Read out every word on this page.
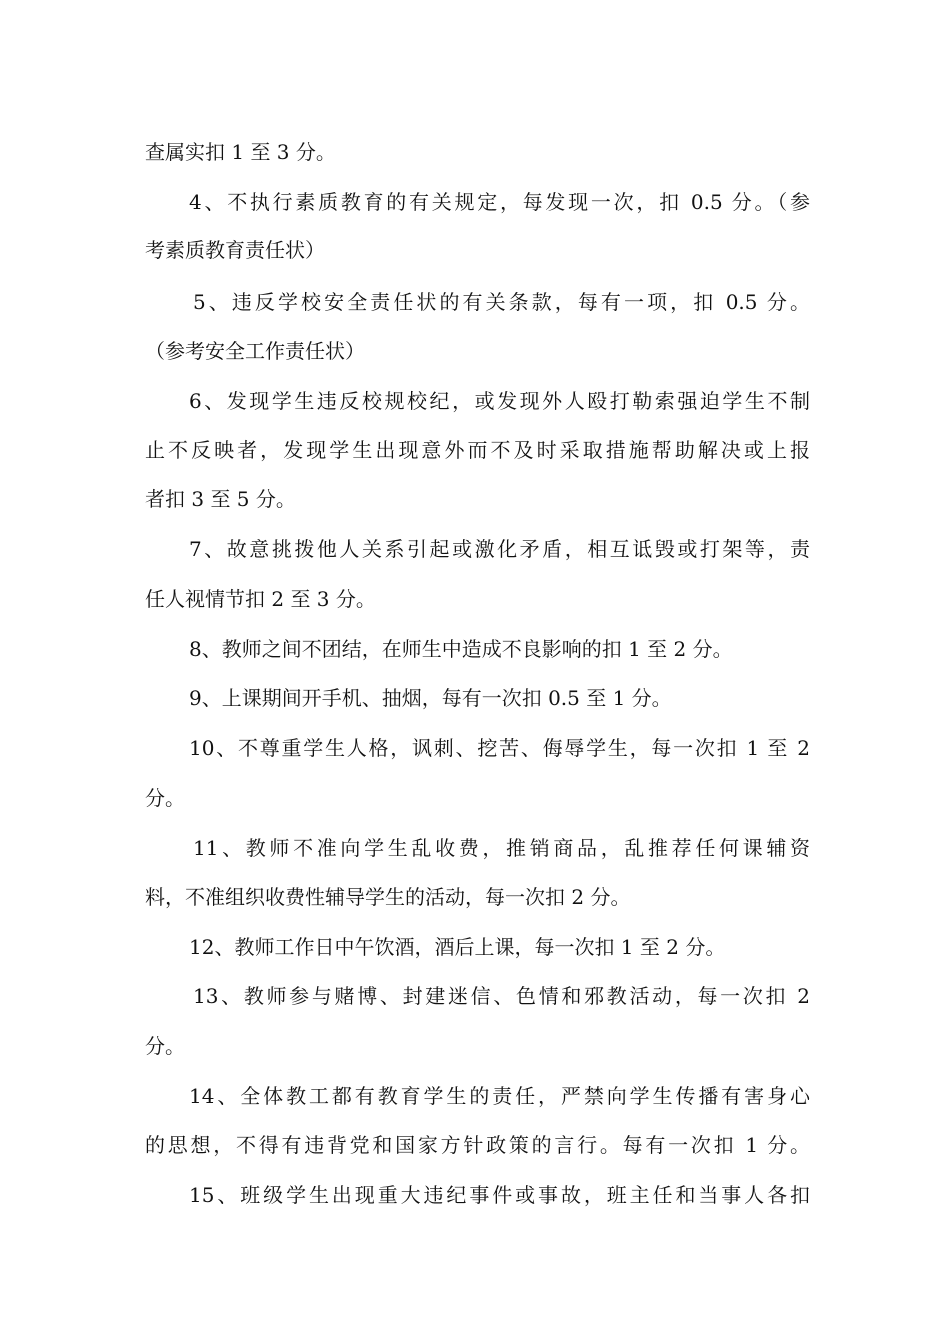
查属实扣 1 至 3 分。
4、不执行素质教育的有关规定，每发现一次，扣 0.5 分。（参
考素质教育责任状）
5、违反学校安全责任状的有关条款，每有一项，扣 0.5 分。
（参考安全工作责任状）
6、发现学生违反校规校纪，或发现外人殴打勒索强迫学生不制
止不反映者，发现学生出现意外而不及时采取措施帮助解决或上报
者扣 3 至 5 分。
7、故意挑拨他人关系引起或激化矛盾，相互诋毁或打架等，责
任人视情节扣 2 至 3 分。
8、教师之间不团结，在师生中造成不良影响的扣 1 至 2 分。
9、上课期间开手机、抽烟，每有一次扣 0.5 至 1 分。
10、不尊重学生人格，讽刺、挖苦、侮辱学生，每一次扣 1 至 2
分。
11、教师不准向学生乱收费，推销商品，乱推荐任何课辅资
料，不准组织收费性辅导学生的活动，每一次扣 2 分。
12、教师工作日中午饮酒，酒后上课，每一次扣 1 至 2 分。
13、教师参与赌博、封建迷信、色情和邪教活动，每一次扣 2
分。
14、全体教工都有教育学生的责任，严禁向学生传播有害身心
的思想，不得有违背党和国家方针政策的言行。每有一次扣 1 分。
15、班级学生出现重大违纪事件或事故，班主任和当事人各扣
